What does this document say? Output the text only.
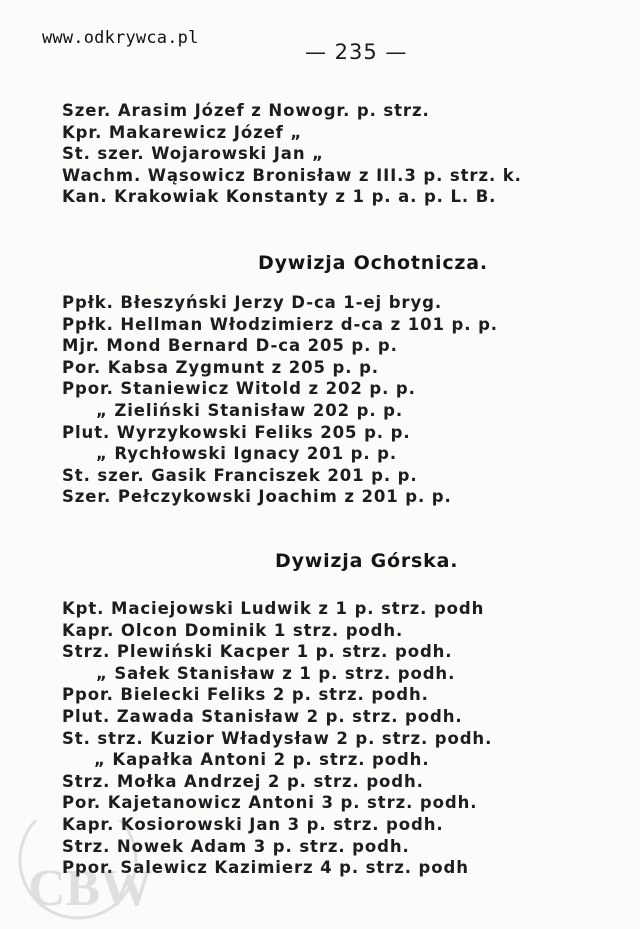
www.odkrywca.pl
— 235 —
Szer. Arasim Józef z Nowogr. p. strz.
Kpr. Makarewicz Józef „
St. szer. Wojarowski Jan „
Wachm. Wąsowicz Bronisław z III.3 p. strz. k.
Kan. Krakowiak Konstanty z 1 p. a. p. L. B.
Dywizja Ochotnicza.
Ppłk. Błeszyński Jerzy D-ca 1-ej bryg.
Ppłk. Hellman Włodzimierz d-ca z 101 p. p.
Mjr. Mond Bernard D-ca 205 p. p.
Por. Kabsa Zygmunt z 205 p. p.
Ppor. Staniewicz Witold z 202 p. p.
„ Zieliński Stanisław 202 p. p.
Plut. Wyrzykowski Feliks 205 p. p.
„ Rychłowski Ignacy 201 p. p.
St. szer. Gasik Franciszek 201 p. p.
Szer. Pełczykowski Joachim z 201 p. p.
Dywizja Górska.
Kpt. Maciejowski Ludwik z 1 p. strz. podh
Kapr. Olcon Dominik 1 strz. podh.
Strz. Plewiński Kacper 1 p. strz. podh.
„ Sałek Stanisław z 1 p. strz. podh.
Ppor. Bielecki Feliks 2 p. strz. podh.
Plut. Zawada Stanisław 2 p. strz. podh.
St. strz. Kuzior Władysław 2 p. strz. podh.
„ Kapałka Antoni 2 p. strz. podh.
Strz. Mołka Andrzej 2 p. strz. podh.
Por. Kajetanowicz Antoni 3 p. strz. podh.
Kapr. Kosiorowski Jan 3 p. strz. podh.
Strz. Nowek Adam 3 p. strz. podh.
Ppor. Salewicz Kazimierz 4 p. strz. podh
CBW
